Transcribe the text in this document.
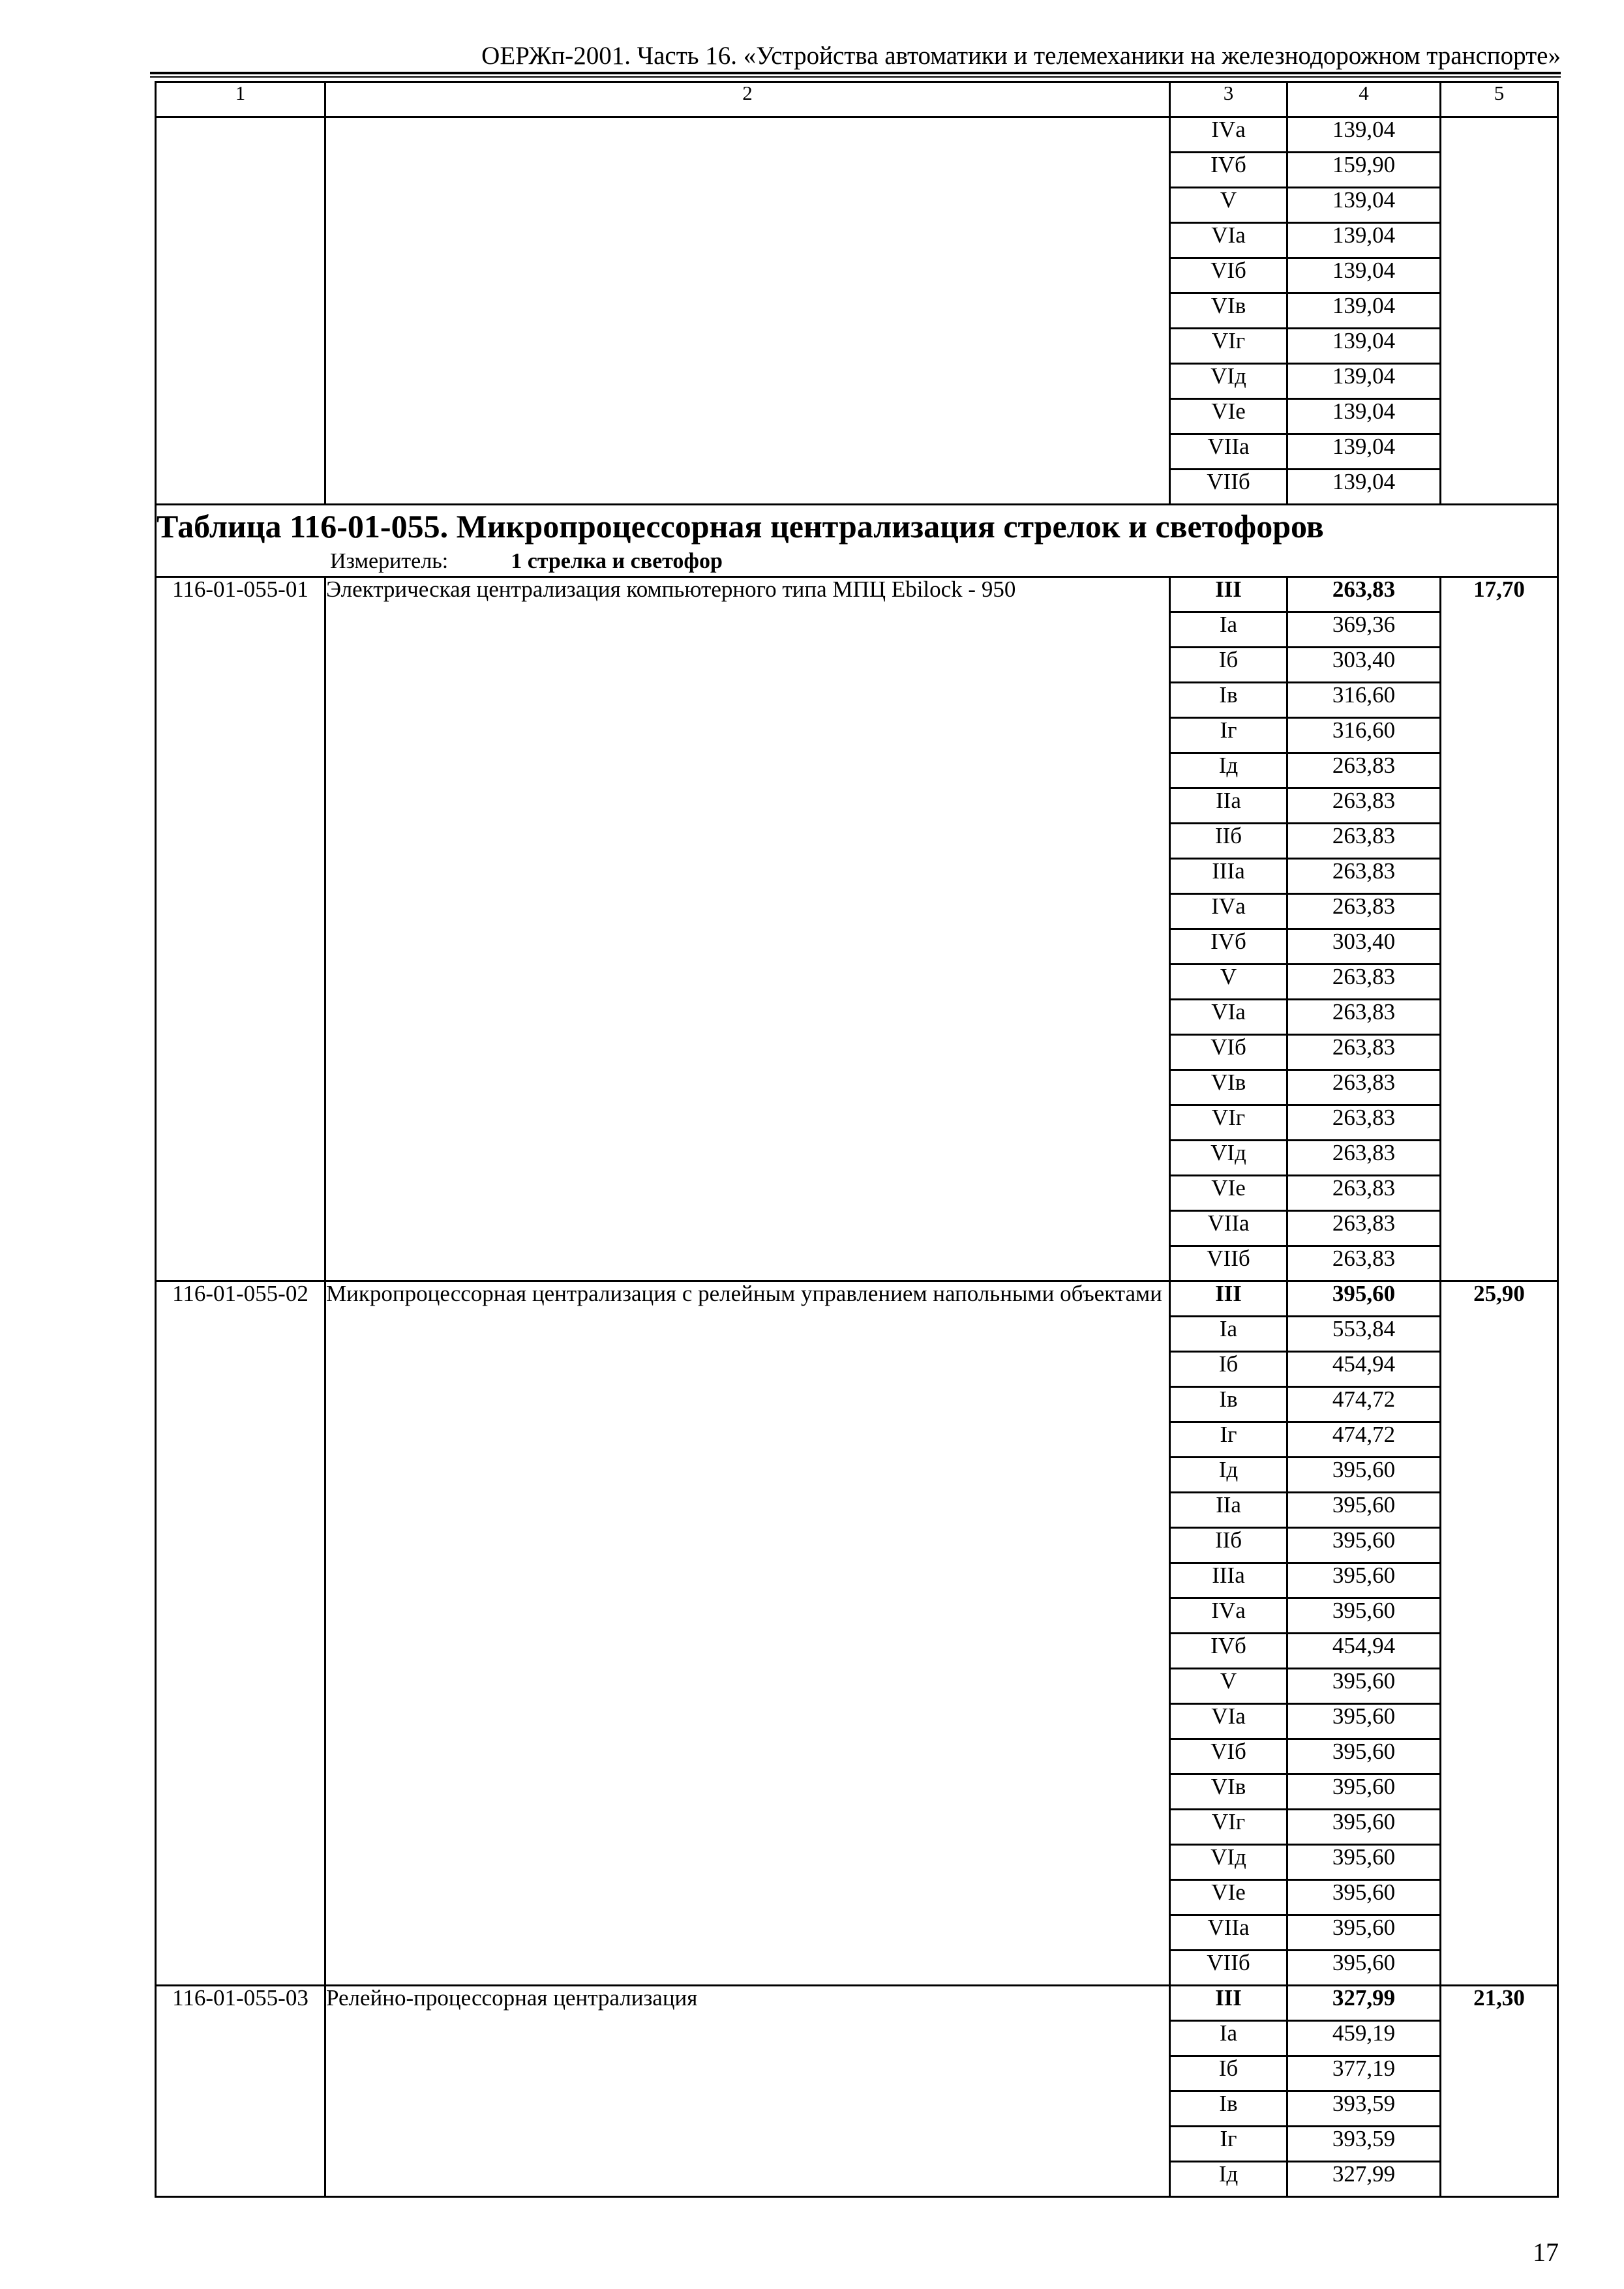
ОЕРЖп-2001. Часть 16. «Устройства автоматики и телемеханики на железнодорожном транспорте»
1	2	3	4	5
		IVа	139,04	
		IVб	159,90	
		V	139,04	
		VIа	139,04	
		VIб	139,04	
		VIв	139,04	
		VIг	139,04	
		VIд	139,04	
		VIе	139,04	
		VIIа	139,04	
		VIIб	139,04	

Таблица 116-01-055. Микропроцессорная централизация стрелок и светофоров
Измеритель: 1 стрелка и светофор				

116-01-055-01	Электрическая централизация компьютерного типа МПЦ Ebilock - 950	III	263,83	17,70
		Iа	369,36	
		Iб	303,40	
		Iв	316,60	
		Iг	316,60	
		Iд	263,83	
		IIа	263,83	
		IIб	263,83	
		IIIа	263,83	
		IVа	263,83	
		IVб	303,40	
		V	263,83	
		VIа	263,83	
		VIб	263,83	
		VIв	263,83	
		VIг	263,83	
		VIд	263,83	
		VIе	263,83	
		VIIа	263,83	
		VIIб	263,83	
116-01-055-02	Микропроцессорная централизация с релейным управлением напольными объектами	III	395,60	25,90
		Iа	553,84	
		Iб	454,94	
		Iв	474,72	
		Iг	474,72	
		Iд	395,60	
		IIа	395,60	
		IIб	395,60	
		IIIа	395,60	
		IVа	395,60	
		IVб	454,94	
		V	395,60	
		VIа	395,60	
		VIб	395,60	
		VIв	395,60	
		VIг	395,60	
		VIд	395,60	
		VIе	395,60	
		VIIа	395,60	
		VIIб	395,60	
116-01-055-03	Релейно-процессорная централизация	III	327,99	21,30
		Iа	459,19	
		Iб	377,19	
		Iв	393,59	
		Iг	393,59	
		Iд	327,99	
17
